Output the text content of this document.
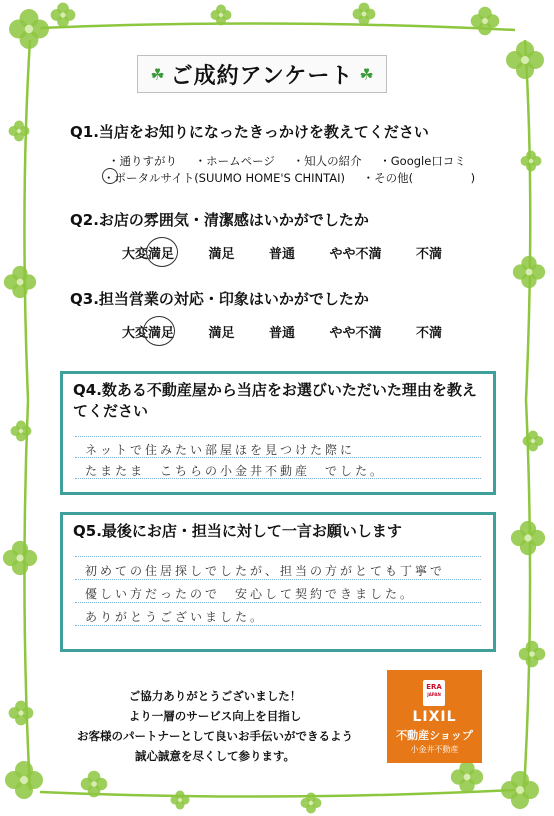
☘ ご成約アンケート ☘
Q1.当店をお知りになったきっかけを教えてください
・通りすがり ・ホームページ ・知人の紹介 ・Google口コミ
・ポータルサイト(SUUMO HOME'S CHINTAI) ・その他(　　　　　)
Q2.お店の雰囲気・清潔感はいかがでしたか
大変満足	満足	普通	やや不満	不満
Q3.担当営業の対応・印象はいかがでしたか
大変満足	満足	普通	やや不満	不満
Q4.数ある不動産屋から当店をお選びいただいた理由を教えてください
ネットで住みたい部屋ほを見つけた際に
たまたま　こちらの小金井不動産　でした。
Q5.最後にお店・担当に対して一言お願いします
初めての住居探しでしたが、担当の方がとても丁寧で
優しい方だったので　安心して契約できました。
ありがとうございました。
ご協力ありがとうございました！
より一層のサービス向上を目指し
お客様のパートナーとして良いお手伝いができるよう
誠心誠意を尽くして参ります。
ERA
JAPAN
LIXIL
不動産ショップ
小金井不動産
